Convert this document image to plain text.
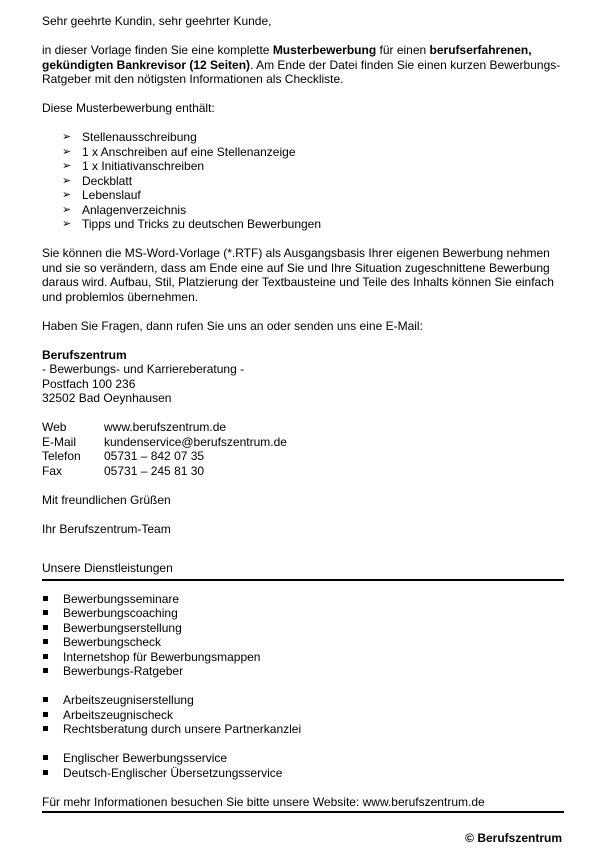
Sehr geehrte Kundin, sehr geehrter Kunde,

in dieser Vorlage finden Sie eine komplette Musterbewerbung für einen berufserfahrenen, gekündigten Bankrevisor (12 Seiten). Am Ende der Datei finden Sie einen kurzen Bewerbungs-Ratgeber mit den nötigsten Informationen als Checkliste.

Diese Musterbewerbung enthält:

➢ Stellenausschreibung
➢ 1 x Anschreiben auf eine Stellenanzeige
➢ 1 x Initiativanschreiben
➢ Deckblatt
➢ Lebenslauf
➢ Anlagenverzeichnis
➢ Tipps und Tricks zu deutschen Bewerbungen

Sie können die MS-Word-Vorlage (*.RTF) als Ausgangsbasis Ihrer eigenen Bewerbung nehmen und sie so verändern, dass am Ende eine auf Sie und Ihre Situation zugeschnittene Bewerbung daraus wird. Aufbau, Stil, Platzierung der Textbausteine und Teile des Inhalts können Sie einfach und problemlos übernehmen.

Haben Sie Fragen, dann rufen Sie uns an oder senden uns eine E-Mail:

Berufszentrum

- Bewerbungs- und Karriereberatung -

Postfach 100 236

32502 Bad Oeynhausen

Web	www.berufszentrum.de
E-Mail	kundenservice@berufszentrum.de
Telefon	05731 – 842 07 35
Fax	05731 – 245 81 30

Mit freundlichen Grüßen

Ihr Berufszentrum-Team

Unsere Dienstleistungen

Bewerbungsseminare
Bewerbungscoaching
Bewerbungserstellung
Bewerbungscheck
Internetshop für Bewerbungsmappen
Bewerbungs-Ratgeber
Arbeitszeugniserstellung
Arbeitszeugnischeck
Rechtsberatung durch unsere Partnerkanzlei
Englischer Bewerbungsservice
Deutsch-Englischer Übersetzungsservice

Für mehr Informationen besuchen Sie bitte unsere Website: www.berufszentrum.de

© Berufszentrum
